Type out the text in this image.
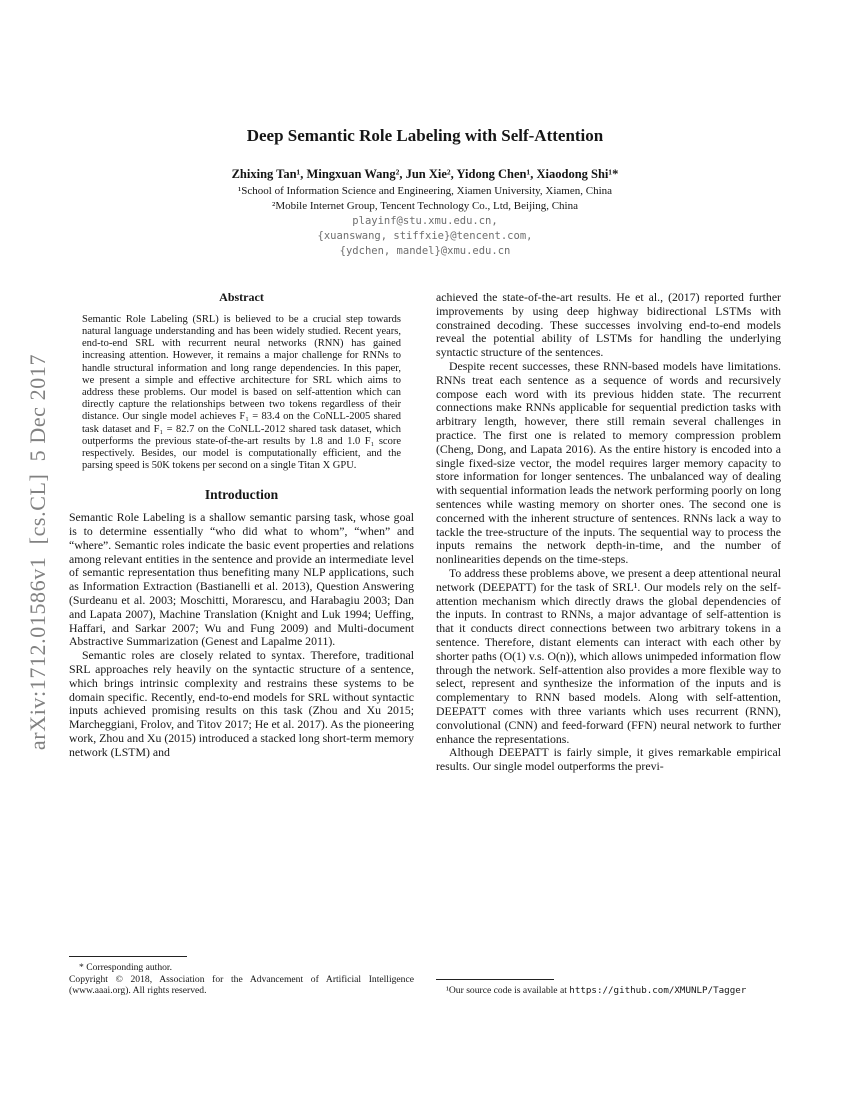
arXiv:1712.01586v1  [cs.CL]  5 Dec 2017
Deep Semantic Role Labeling with Self-Attention
Zhixing Tan¹, Mingxuan Wang², Jun Xie², Yidong Chen¹, Xiaodong Shi¹*
¹School of Information Science and Engineering, Xiamen University, Xiamen, China
²Mobile Internet Group, Tencent Technology Co., Ltd, Beijing, China
playinf@stu.xmu.edu.cn,
{xuanswang, stiffxie}@tencent.com,
{ydchen, mandel}@xmu.edu.cn
Abstract
Semantic Role Labeling (SRL) is believed to be a crucial step towards natural language understanding and has been widely studied. Recent years, end-to-end SRL with recurrent neural networks (RNN) has gained increasing attention. However, it remains a major challenge for RNNs to handle structural information and long range dependencies. In this paper, we present a simple and effective architecture for SRL which aims to address these problems. Our model is based on self-attention which can directly capture the relationships between two tokens regardless of their distance. Our single model achieves F₁ = 83.4 on the CoNLL-2005 shared task dataset and F₁ = 82.7 on the CoNLL-2012 shared task dataset, which outperforms the previous state-of-the-art results by 1.8 and 1.0 F₁ score respectively. Besides, our model is computationally efficient, and the parsing speed is 50K tokens per second on a single Titan X GPU.
Introduction

Semantic Role Labeling is a shallow semantic parsing task, whose goal is to determine essentially “who did what to whom”, “when” and “where”. Semantic roles indicate the basic event properties and relations among relevant entities in the sentence and provide an intermediate level of semantic representation thus benefiting many NLP applications, such as Information Extraction (Bastianelli et al. 2013), Question Answering (Surdeanu et al. 2003; Moschitti, Morarescu, and Harabagiu 2003; Dan and Lapata 2007), Machine Translation (Knight and Luk 1994; Ueffing, Haffari, and Sarkar 2007; Wu and Fung 2009) and Multi-document Abstractive Summarization (Genest and Lapalme 2011).

Semantic roles are closely related to syntax. Therefore, traditional SRL approaches rely heavily on the syntactic structure of a sentence, which brings intrinsic complexity and restrains these systems to be domain specific. Recently, end-to-end models for SRL without syntactic inputs achieved promising results on this task (Zhou and Xu 2015; Marcheggiani, Frolov, and Titov 2017; He et al. 2017). As the pioneering work, Zhou and Xu (2015) introduced a stacked long short-term memory network (LSTM) and

* Corresponding author.
Copyright © 2018, Association for the Advancement of Artificial Intelligence (www.aaai.org). All rights reserved.

achieved the state-of-the-art results. He et al., (2017) reported further improvements by using deep highway bidirectional LSTMs with constrained decoding. These successes involving end-to-end models reveal the potential ability of LSTMs for handling the underlying syntactic structure of the sentences.

Despite recent successes, these RNN-based models have limitations. RNNs treat each sentence as a sequence of words and recursively compose each word with its previous hidden state. The recurrent connections make RNNs applicable for sequential prediction tasks with arbitrary length, however, there still remain several challenges in practice. The first one is related to memory compression problem (Cheng, Dong, and Lapata 2016). As the entire history is encoded into a single fixed-size vector, the model requires larger memory capacity to store information for longer sentences. The unbalanced way of dealing with sequential information leads the network performing poorly on long sentences while wasting memory on shorter ones. The second one is concerned with the inherent structure of sentences. RNNs lack a way to tackle the tree-structure of the inputs. The sequential way to process the inputs remains the network depth-in-time, and the number of nonlinearities depends on the time-steps.

To address these problems above, we present a deep attentional neural network (DEEPATT) for the task of SRL¹. Our models rely on the self-attention mechanism which directly draws the global dependencies of the inputs. In contrast to RNNs, a major advantage of self-attention is that it conducts direct connections between two arbitrary tokens in a sentence. Therefore, distant elements can interact with each other by shorter paths (O(1) v.s. O(n)), which allows unimpeded information flow through the network. Self-attention also provides a more flexible way to select, represent and synthesize the information of the inputs and is complementary to RNN based models. Along with self-attention, DEEPATT comes with three variants which uses recurrent (RNN), convolutional (CNN) and feed-forward (FFN) neural network to further enhance the representations.

Although DEEPATT is fairly simple, it gives remarkable empirical results. Our single model outperforms the previ-

¹Our source code is available at https://github.com/XMUNLP/Tagger
